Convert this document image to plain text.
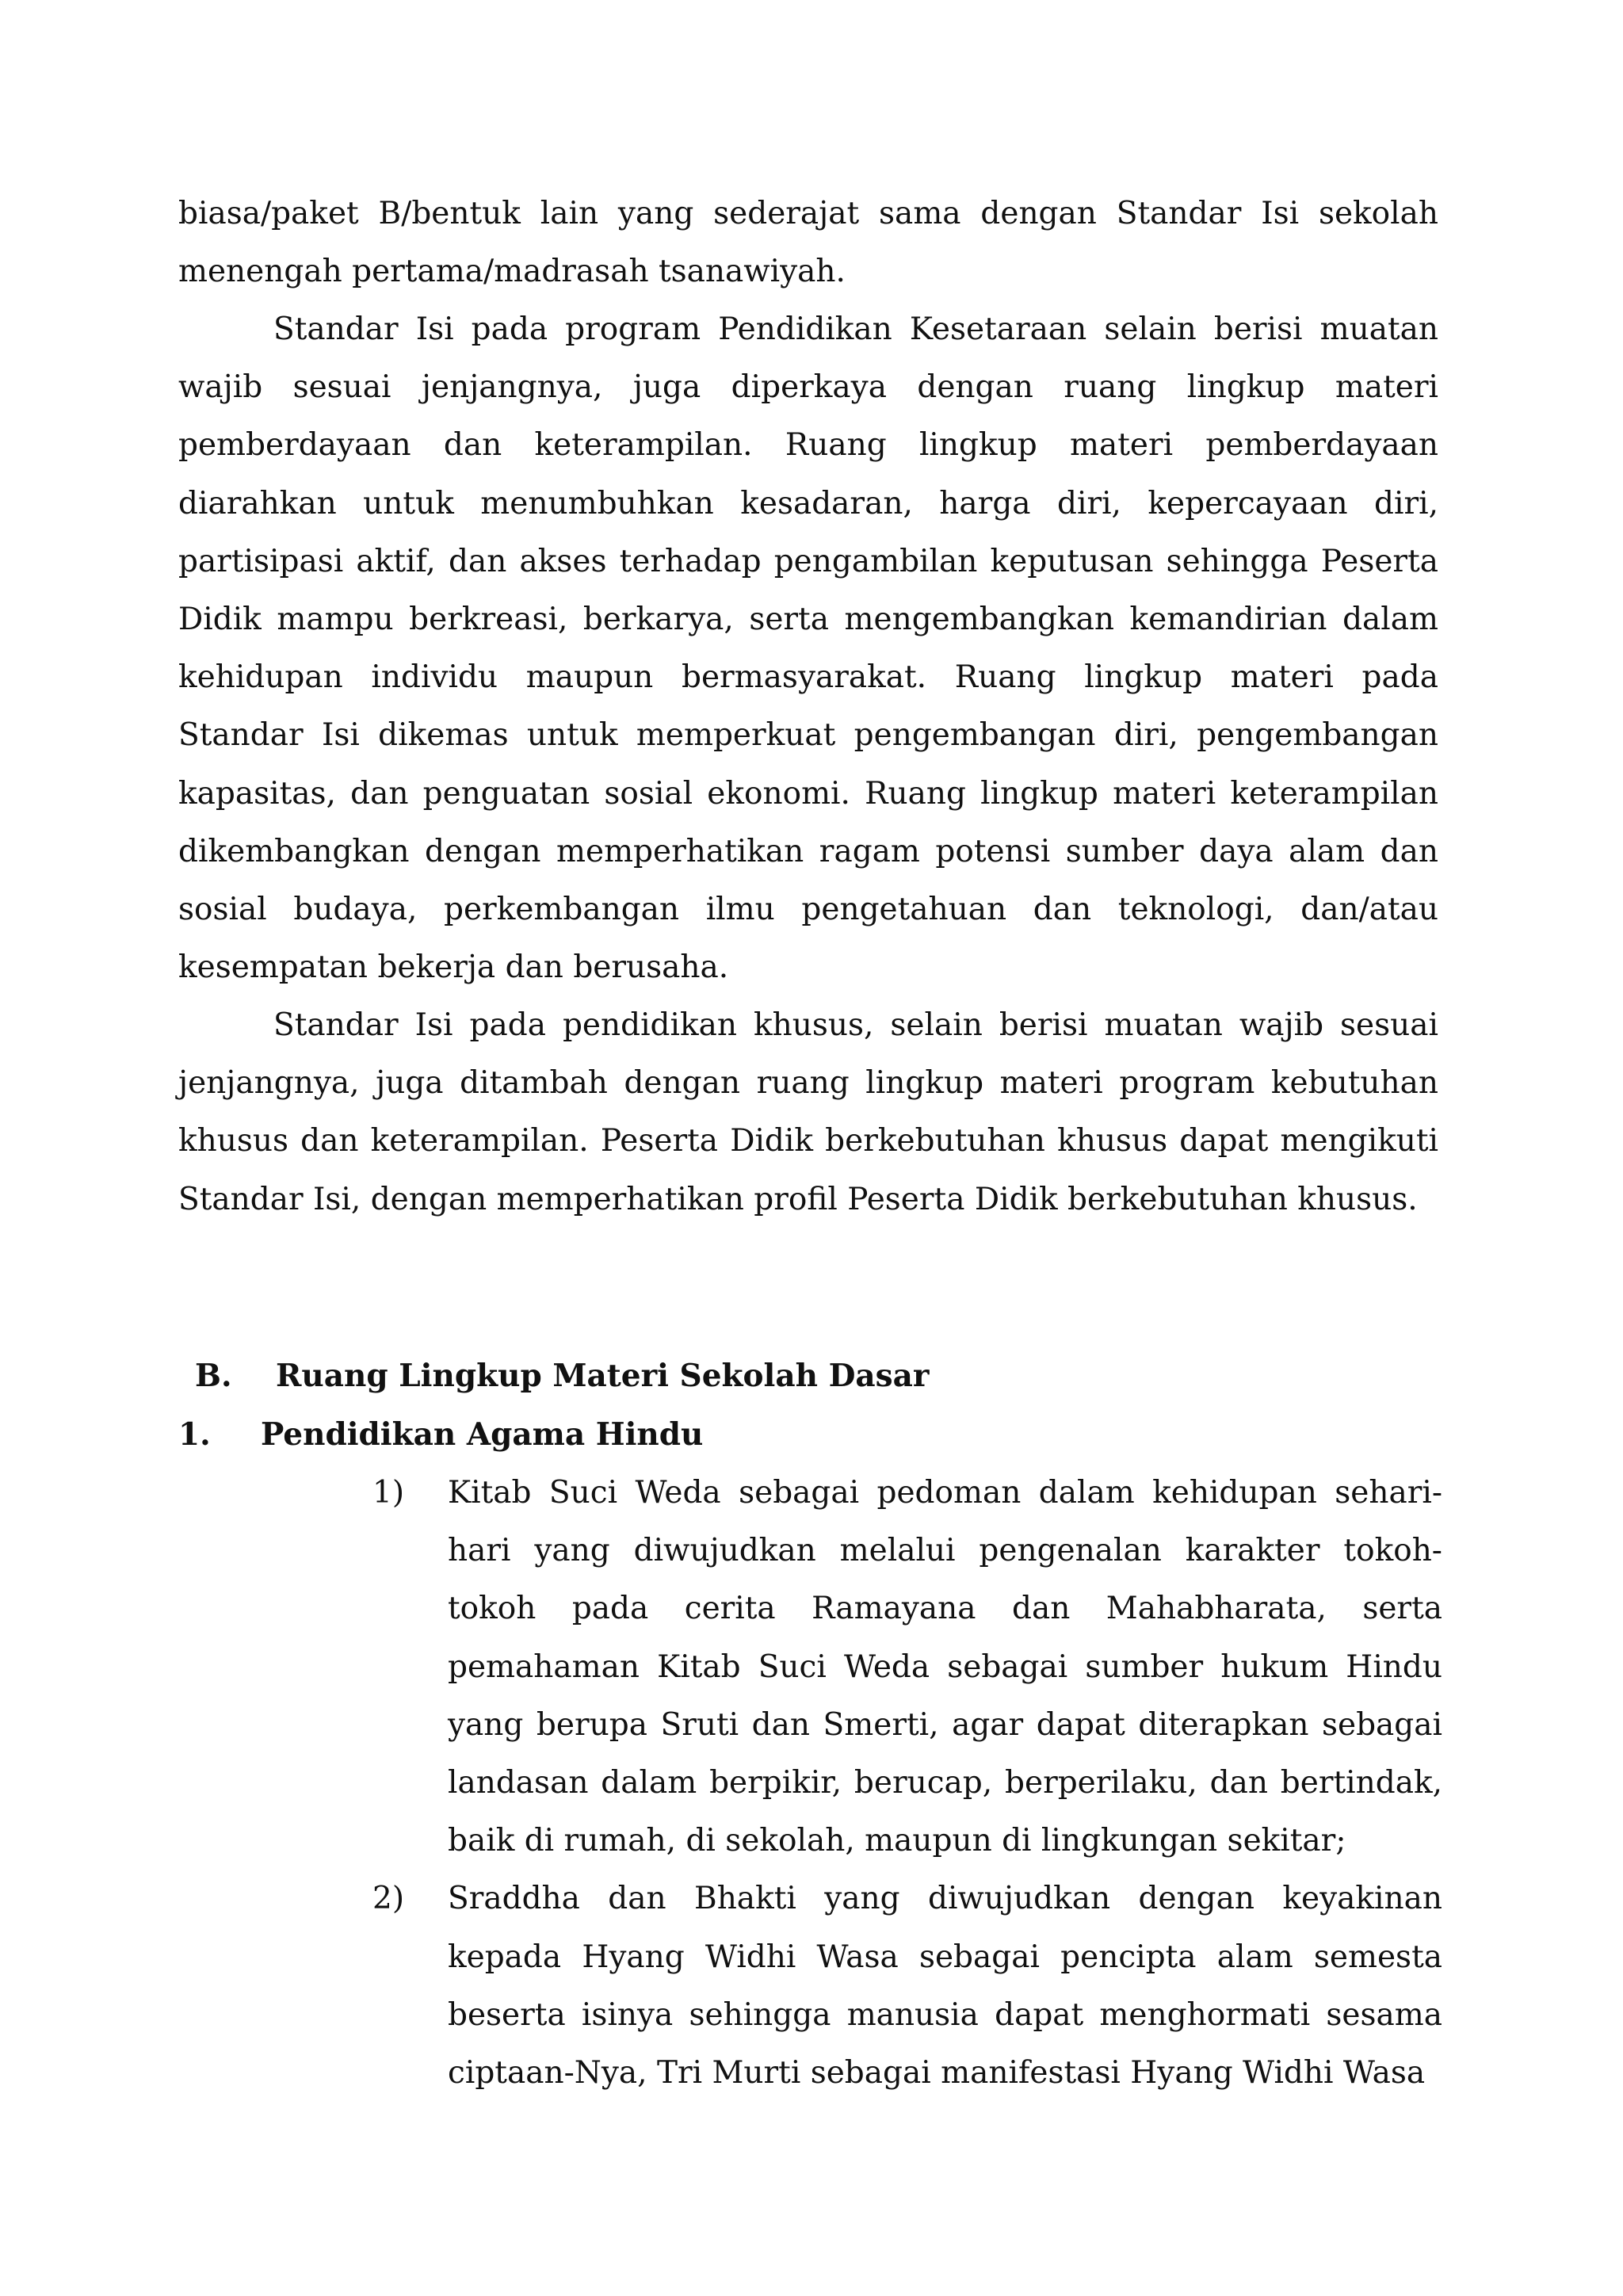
biasa/paket B/bentuk lain yang sederajat sama dengan Standar Isi sekolah menengah pertama/madrasah tsanawiyah.

Standar Isi pada program Pendidikan Kesetaraan selain berisi muatan wajib sesuai jenjangnya, juga diperkaya dengan ruang lingkup materi pemberdayaan dan keterampilan. Ruang lingkup materi pemberdayaan diarahkan untuk menumbuhkan kesadaran, harga diri, kepercayaan diri, partisipasi aktif, dan akses terhadap pengambilan keputusan sehingga Peserta Didik mampu berkreasi, berkarya, serta mengembangkan kemandirian dalam kehidupan individu maupun bermasyarakat. Ruang lingkup materi pada Standar Isi dikemas untuk memperkuat pengembangan diri, pengembangan kapasitas, dan penguatan sosial ekonomi. Ruang lingkup materi keterampilan dikembangkan dengan memperhatikan ragam potensi sumber daya alam dan sosial budaya, perkembangan ilmu pengetahuan dan teknologi, dan/atau kesempatan bekerja dan berusaha.

Standar Isi pada pendidikan khusus, selain berisi muatan wajib sesuai jenjangnya, juga ditambah dengan ruang lingkup materi program kebutuhan khusus dan keterampilan. Peserta Didik berkebutuhan khusus dapat mengikuti Standar Isi, dengan memperhatikan profil Peserta Didik berkebutuhan khusus.

B. Ruang Lingkup Materi Sekolah Dasar
1. Pendidikan Agama Hindu
1)	Kitab Suci Weda sebagai pedoman dalam kehidupan sehari-hari yang diwujudkan melalui pengenalan karakter tokoh-tokoh pada cerita Ramayana dan Mahabharata, serta pemahaman Kitab Suci Weda sebagai sumber hukum Hindu yang berupa Sruti dan Smerti, agar dapat diterapkan sebagai landasan dalam berpikir, berucap, berperilaku, dan bertindak, baik di rumah, di sekolah, maupun di lingkungan sekitar;

2)	Sraddha dan Bhakti yang diwujudkan dengan keyakinan kepada Hyang Widhi Wasa sebagai pencipta alam semesta beserta isinya sehingga manusia dapat menghormati sesama ciptaan-Nya, Tri Murti sebagai manifestasi Hyang Widhi Wasa
